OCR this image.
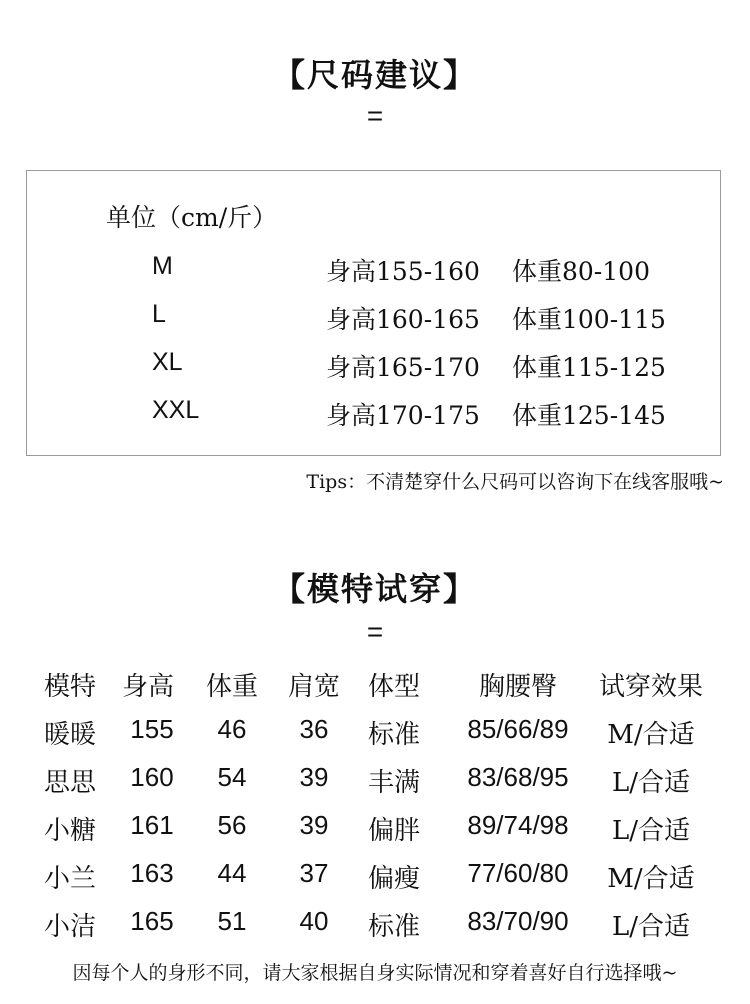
【尺码建议】
=
单位（cm/斤）
M	身高155-160 体重80-100
L	身高160-165 体重100-115
XL	身高165-170 体重115-125
XXL	身高170-175 体重125-145
Tips：不清楚穿什么尺码可以咨询下在线客服哦~
【模特试穿】
=
模特 身高 体重 肩宽 体型	胸腰臀	试穿效果
暖暖	155	46	36	标准	85/66/89	M/合适
思思	160	54	39	丰满	83/68/95	L/合适
小糖	161	56	39	偏胖	89/74/98	L/合适
小兰	163	44	37	偏瘦	77/60/80	M/合适
小洁	165	51	40	标准	83/70/90	L/合适
因每个人的身形不同，请大家根据自身实际情况和穿着喜好自行选择哦~
